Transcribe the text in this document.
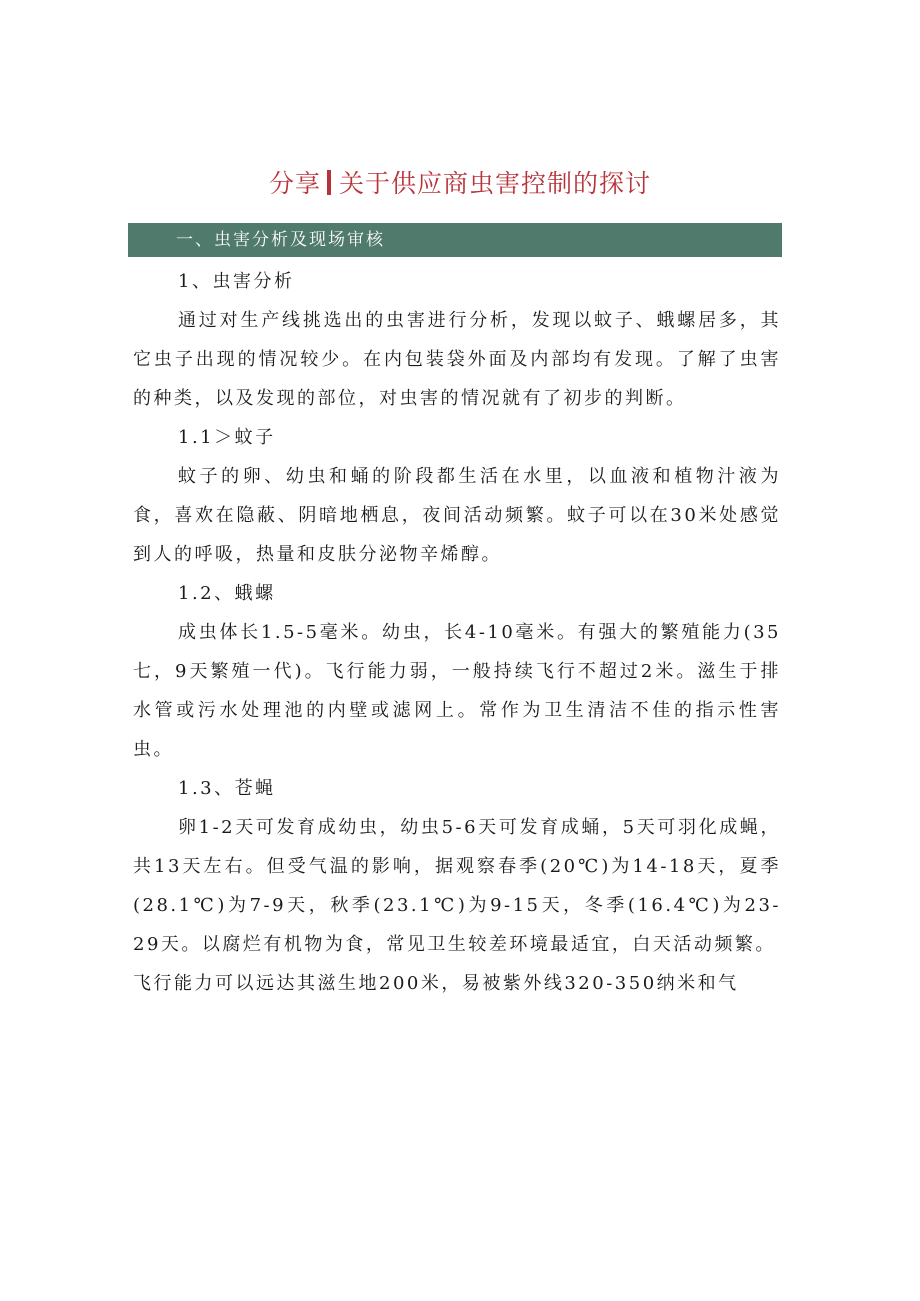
分享 关于供应商虫害控制的探讨
一、虫害分析及现场审核

1、虫害分析

通过对生产线挑选出的虫害进行分析，发现以蚊子、蛾螺居多，其它虫子出现的情况较少。在内包装袋外面及内部均有发现。了解了虫害的种类，以及发现的部位，对虫害的情况就有了初步的判断。

1.1＞蚊子

蚊子的卵、幼虫和蛹的阶段都生活在水里，以血液和植物汁液为食，喜欢在隐蔽、阴暗地栖息，夜间活动频繁。蚊子可以在30米处感觉到人的呼吸，热量和皮肤分泌物辛烯醇。

1.2、蛾螺

成虫体长1.5-5毫米。幼虫，长4-10毫米。有强大的繁殖能力(35七，9天繁殖一代)。飞行能力弱，一般持续飞行不超过2米。滋生于排水管或污水处理池的内壁或滤网上。常作为卫生清洁不佳的指示性害虫。

1.3、苍蝇

卵1-2天可发育成幼虫，幼虫5-6天可发育成蛹，5天可羽化成蝇，共13天左右。但受气温的影响，据观察春季(20℃)为14-18天，夏季(28.1℃)为7-9天，秋季(23.1℃)为9-15天，冬季(16.4℃)为23-29天。以腐烂有机物为食，常见卫生较差环境最适宜，白天活动频繁。

飞行能力可以远达其滋生地200米，易被紫外线320-350纳米和气
